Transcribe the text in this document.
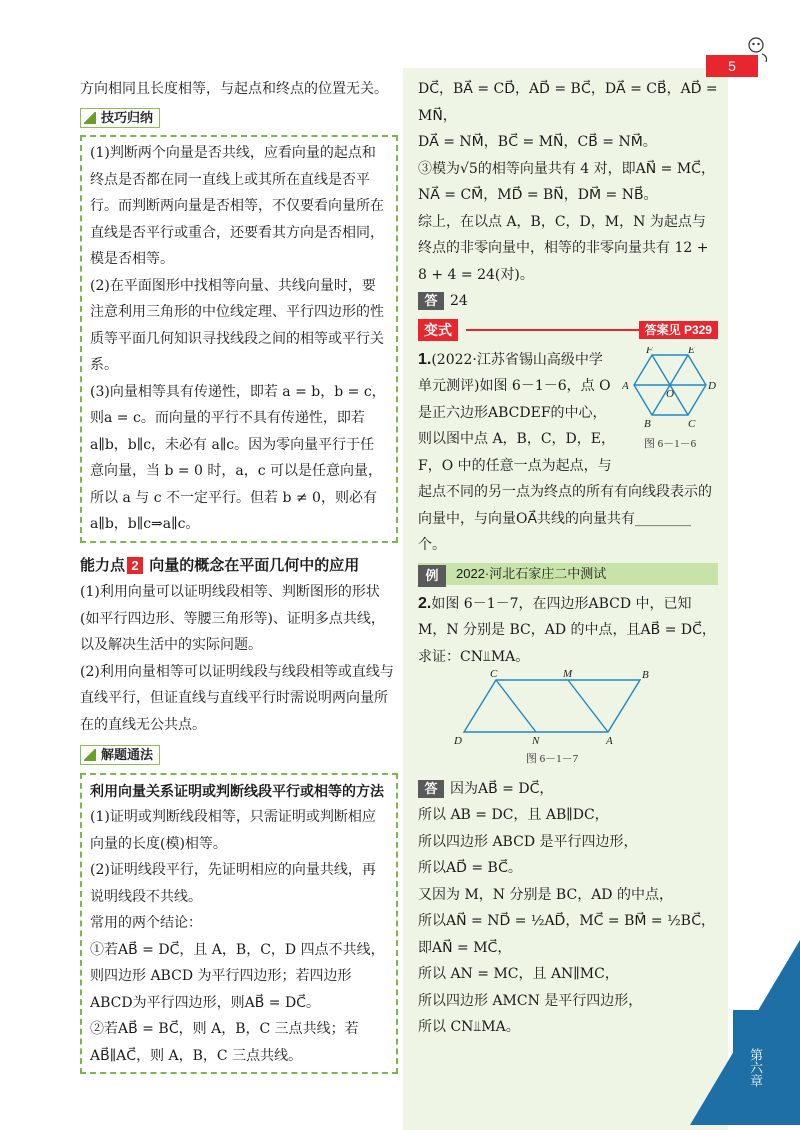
5
第六章

方向相同且长度相等，与起点和终点的位置无关。

技巧归纳

(1)判断两个向量是否共线，应看向量的起点和终点是否都在同一直线上或其所在直线是否平行。而判断两向量是否相等，不仅要看向量所在直线是否平行或重合，还要看其方向是否相同，模是否相等。

(2)在平面图形中找相等向量、共线向量时，要注意利用三角形的中位线定理、平行四边形的性质等平面几何知识寻找线段之间的相等或平行关系。

(3)向量相等具有传递性，即若 a = b，b = c，则a = c。而向量的平行不具有传递性，即若 a∥b，b∥c，未必有 a∥c。因为零向量平行于任意向量，当 b = 0 时，a，c 可以是任意向量，所以 a 与 c 不一定平行。但若 b ≠ 0，则必有a∥b，b∥c⇒a∥c。

能力点 2 向量的概念在平面几何中的应用

(1)利用向量可以证明线段相等、判断图形的形状(如平行四边形、等腰三角形等)、证明多点共线，以及解决生活中的实际问题。

(2)利用向量相等可以证明线段与线段相等或直线与直线平行，但证直线与直线平行时需说明两向量所在的直线无公共点。

解题通法

利用向量关系证明或判断线段平行或相等的方法

(1)证明或判断线段相等，只需证明或判断相应向量的长度(模)相等。

(2)证明线段平行，先证明相应的向量共线，再说明线段不共线。

常用的两个结论：

①若AB⃗ = DC⃗，且 A，B，C，D 四点不共线，则四边形 ABCD 为平行四边形；若四边形 ABCD为平行四边形，则AB⃗ = DC⃗。

②若AB⃗ = BC⃗，则 A，B，C 三点共线；若AB⃗∥AC⃗，则 A，B，C 三点共线。

DC⃗，BA⃗ = CD⃗，AD⃗ = BC⃗，DA⃗ = CB⃗，AD⃗ = MN⃗，

DA⃗ = NM⃗，BC⃗ = MN⃗，CB⃗ = NM⃗。

③模为√5的相等向量共有 4 对，即AN⃗ = MC⃗，

NA⃗ = CM⃗，MD⃗ = BN⃗，DM⃗ = NB⃗。

综上，在以点 A，B，C，D，M，N 为起点与终点的非零向量中，相等的非零向量共有 12 + 8 + 4 = 24(对)。

答 24

变式	答案见 P329
F	E
A
O
D
B	C
图 6－1－6

1.(2022·江苏省锡山高级中学单元测评)如图 6－1－6，点 O 是正六边形ABCDEF的中心，则以图中点 A，B，C，D，E，F，O 中的任意一点为起点，与起点不同的另一点为终点的所有有向线段表示的向量中，与向量OA⃗共线的向量共有________个。

例 2022·河北石家庄二中测试

2.如图 6－1－7，在四边形ABCD 中，已知 M，N 分别是 BC，AD 的中点，且AB⃗ = DC⃗，求证：CN⫫MA。

C	M	B
D	N	A
图 6－1－7

答 因为AB⃗ = DC⃗，

所以 AB = DC，且 AB∥DC，

所以四边形 ABCD 是平行四边形，

所以AD⃗ = BC⃗。

又因为 M，N 分别是 BC，AD 的中点，

所以AN⃗ = ND⃗ = ½AD⃗，MC⃗ = BM⃗ = ½BC⃗，

即AN⃗ = MC⃗，

所以 AN = MC，且 AN∥MC，

所以四边形 AMCN 是平行四边形，

所以 CN⫫MA。
